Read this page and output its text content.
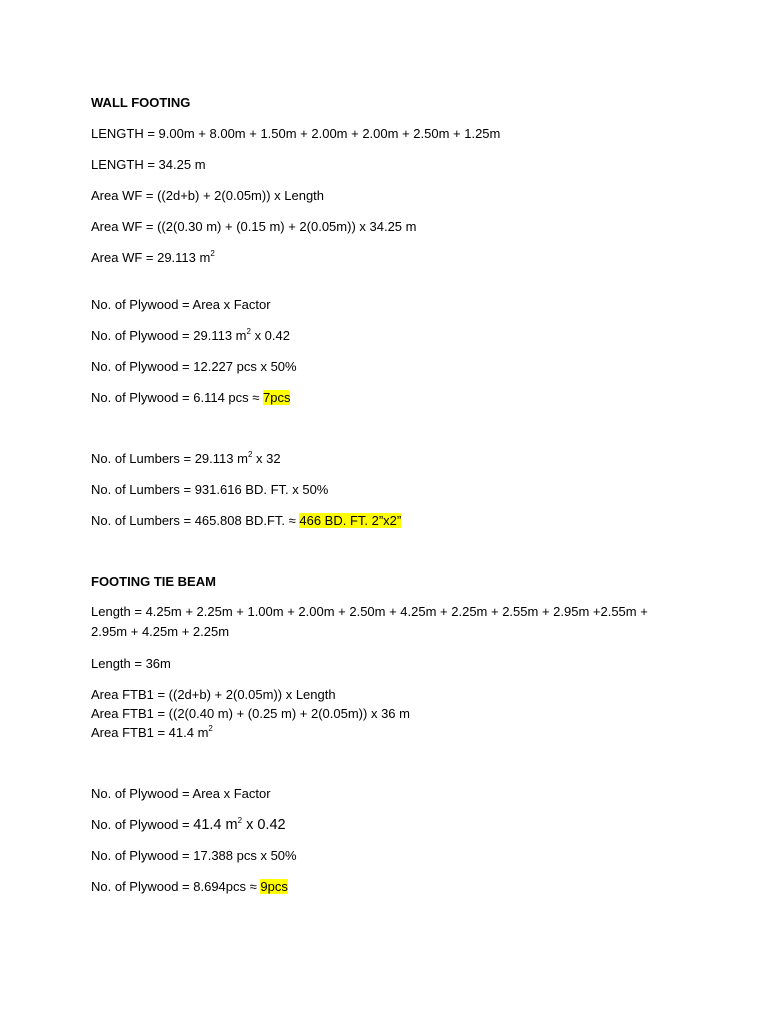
WALL FOOTING
LENGTH = 9.00m + 8.00m + 1.50m + 2.00m + 2.00m + 2.50m + 1.25m
LENGTH = 34.25 m
Area WF = ((2d+b) + 2(0.05m)) x Length
Area WF = ((2(0.30 m) + (0.15 m) + 2(0.05m)) x 34.25 m
Area WF = 29.113 $m^2$
No. of Plywood = Area x Factor
No. of Plywood = 29.113 $m^2$ x 0.42
No. of Plywood = 12.227 pcs x 50%
No. of Plywood = 6.114 pcs ≈ 7pcs
No. of Lumbers = 29.113 $m^2$ x 32
No. of Lumbers = 931.616 BD. FT. x 50%
No. of Lumbers = 465.808 BD.FT. ≈ 466 BD. FT. 2”x2”
FOOTING TIE BEAM
Length = 4.25m + 2.25m + 1.00m + 2.00m + 2.50m + 4.25m + 2.25m + 2.55m + 2.95m +2.55m + 2.95m + 4.25m + 2.25m
Length = 36m
Area FTB1 = ((2d+b) + 2(0.05m)) x Length
Area FTB1 = ((2(0.40 m) + (0.25 m) + 2(0.05m)) x 36 m
Area FTB1 = 41.4 $m^2$
No. of Plywood = Area x Factor
No. of Plywood = 41.4 $m^2$ x 0.42
No. of Plywood = 17.388 pcs x 50%
No. of Plywood = 8.694pcs ≈ 9pcs
